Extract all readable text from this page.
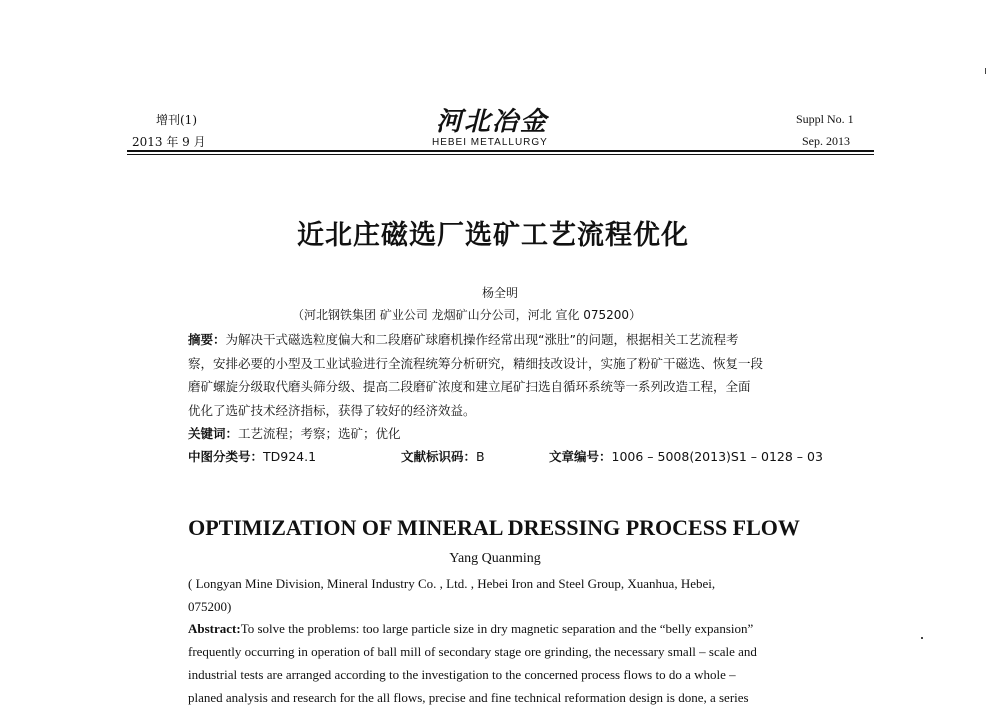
增刊(1)
2013 年 9 月
河北冶金
HEBEI METALLURGY
Suppl No. 1
Sep. 2013
近北庄磁选厂选矿工艺流程优化
杨全明
（河北钢铁集团 矿业公司 龙烟矿山分公司，河北 宣化 075200）
摘要：为解决干式磁选粒度偏大和二段磨矿球磨机操作经常出现“涨肚”的问题，根据相关工艺流程考
察，安排必要的小型及工业试验进行全流程统筹分析研究，精细技改设计，实施了粉矿干磁选、恢复一段
磨矿螺旋分级取代磨头筛分级、提高二段磨矿浓度和建立尾矿扫选自循环系统等一系列改造工程，全面
优化了选矿技术经济指标，获得了较好的经济效益。
关键词：工艺流程；考察；选矿；优化
中图分类号：TD924.1	文献标识码：B	文章编号：1006 – 5008(2013)S1 – 0128 – 03
OPTIMIZATION OF MINERAL DRESSING PROCESS FLOW
Yang Quanming
( Longyan Mine Division, Mineral Industry Co. , Ltd. , Hebei Iron and Steel Group, Xuanhua, Hebei,
075200)
Abstract:To solve the problems: too large particle size in dry magnetic separation and the “belly expansion”
frequently occurring in operation of ball mill of secondary stage ore grinding, the necessary small – scale and
industrial tests are arranged according to the investigation to the concerned process flows to do a whole –
planed analysis and research for the all flows, precise and fine technical reformation design is done, a series
